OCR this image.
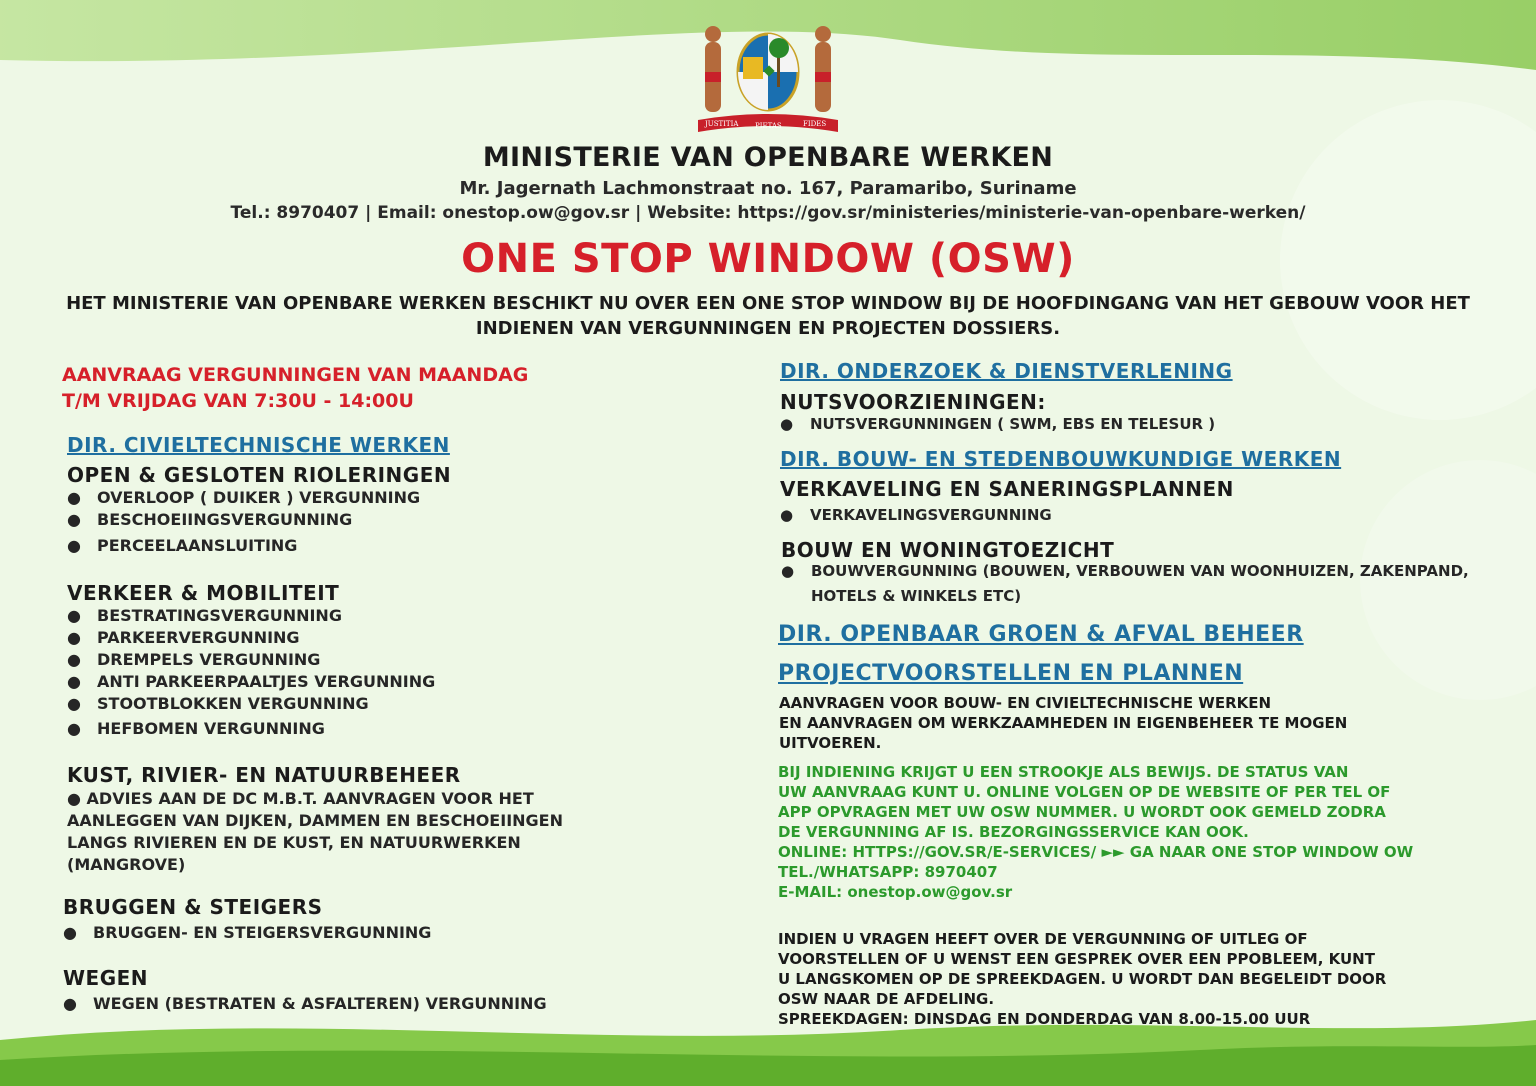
JUSTITIA PIETAS	FIDES
MINISTERIE VAN OPENBARE WERKEN
Mr. Jagernath Lachmonstraat no. 167, Paramaribo, Suriname
Tel.: 8970407 | Email: onestop.ow@gov.sr | Website: https://gov.sr/ministeries/ministerie-van-openbare-werken/
ONE STOP WINDOW (OSW)
HET MINISTERIE VAN OPENBARE WERKEN BESCHIKT NU OVER EEN ONE STOP WINDOW BIJ DE HOOFDINGANG VAN HET GEBOUW VOOR HET INDIENEN VAN VERGUNNINGEN EN PROJECTEN DOSSIERS.
AANVRAAG VERGUNNINGEN VAN MAANDAG
T/M VRIJDAG VAN 7:30U - 14:00U
DIR. CIVIELTECHNISCHE WERKEN
OPEN & GESLOTEN RIOLERINGEN
● OVERLOOP ( DUIKER ) VERGUNNING
● BESCHOEIINGSVERGUNNING
● PERCEELAANSLUITING
VERKEER & MOBILITEIT
● BESTRATINGSVERGUNNING
● PARKEERVERGUNNING
● DREMPELS VERGUNNING
● ANTI PARKEERPAALTJES VERGUNNING
● STOOTBLOKKEN VERGUNNING
● HEFBOMEN VERGUNNING
KUST, RIVIER- EN NATUURBEHEER
● ADVIES AAN DE DC M.B.T. AANVRAGEN VOOR HET
AANLEGGEN VAN DIJKEN, DAMMEN EN BESCHOEIINGEN
LANGS RIVIEREN EN DE KUST, EN NATUURWERKEN
(MANGROVE)
BRUGGEN & STEIGERS
● BRUGGEN- EN STEIGERSVERGUNNING
WEGEN
● WEGEN (BESTRATEN & ASFALTEREN) VERGUNNING
DIR. ONDERZOEK & DIENSTVERLENING
NUTSVOORZIENINGEN:
● NUTSVERGUNNINGEN ( SWM, EBS EN TELESUR )
DIR. BOUW- EN STEDENBOUWKUNDIGE WERKEN
VERKAVELING EN SANERINGSPLANNEN
● VERKAVELINGSVERGUNNING
BOUW EN WONINGTOEZICHT
● BOUWVERGUNNING (BOUWEN, VERBOUWEN VAN WOONHUIZEN, ZAKENPAND,
HOTELS & WINKELS ETC)
DIR. OPENBAAR GROEN & AFVAL BEHEER
PROJECTVOORSTELLEN EN PLANNEN
AANVRAGEN VOOR BOUW- EN CIVIELTECHNISCHE WERKEN
EN AANVRAGEN OM WERKZAAMHEDEN IN EIGENBEHEER TE MOGEN
UITVOEREN.
BIJ INDIENING KRIJGT U EEN STROOKJE ALS BEWIJS. DE STATUS VAN
UW AANVRAAG KUNT U. ONLINE VOLGEN OP DE WEBSITE OF PER TEL OF
APP OPVRAGEN MET UW OSW NUMMER. U WORDT OOK GEMELD ZODRA
DE VERGUNNING AF IS. BEZORGINGSSERVICE KAN OOK.
ONLINE: HTTPS://GOV.SR/E-SERVICES/ ►► GA NAAR ONE STOP WINDOW OW
TEL./WHATSAPP: 8970407
E-MAIL: onestop.ow@gov.sr
INDIEN U VRAGEN HEEFT OVER DE VERGUNNING OF UITLEG OF
VOORSTELLEN OF U WENST EEN GESPREK OVER EEN PPOBLEEM, KUNT
U LANGSKOMEN OP DE SPREEKDAGEN. U WORDT DAN BEGELEIDT DOOR
OSW NAAR DE AFDELING.
SPREEKDAGEN: DINSDAG EN DONDERDAG VAN 8.00-15.00 UUR
